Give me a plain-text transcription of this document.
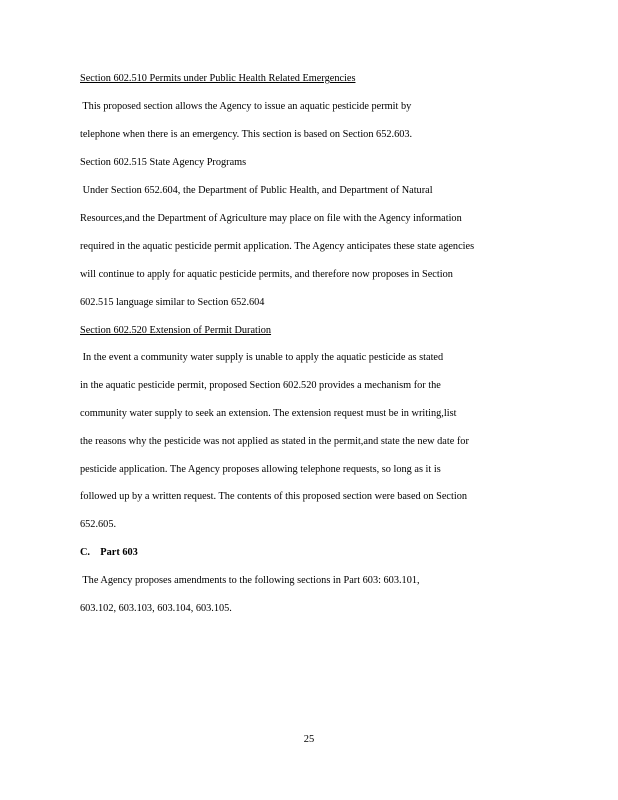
Section 602.510 Permits under Public Health Related Emergencies
This proposed section allows the Agency to issue an aquatic pesticide permit by
telephone when there is an emergency. This section is based on Section 652.603.
Section 602.515 State Agency Programs
Under Section 652.604, the Department of Public Health, and Department of Natural
Resources,and the Department of Agriculture may place on file with the Agency information
required in the aquatic pesticide permit application. The Agency anticipates these state agencies
will continue to apply for aquatic pesticide permits, and therefore now proposes in Section
602.515 language similar to Section 652.604
Section 602.520 Extension of Permit Duration
In the event a community water supply is unable to apply the aquatic pesticide as stated
in the aquatic pesticide permit, proposed Section 602.520 provides a mechanism for the
community water supply to seek an extension. The extension request must be in writing,list
the reasons why the pesticide was not applied as stated in the permit,and state the new date for
pesticide application. The Agency proposes allowing telephone requests, so long as it is
followed up by a written request. The contents of this proposed section were based on Section
652.605.
C.    Part 603
The Agency proposes amendments to the following sections in Part 603: 603.101,
603.102, 603.103, 603.104, 603.105.
25
